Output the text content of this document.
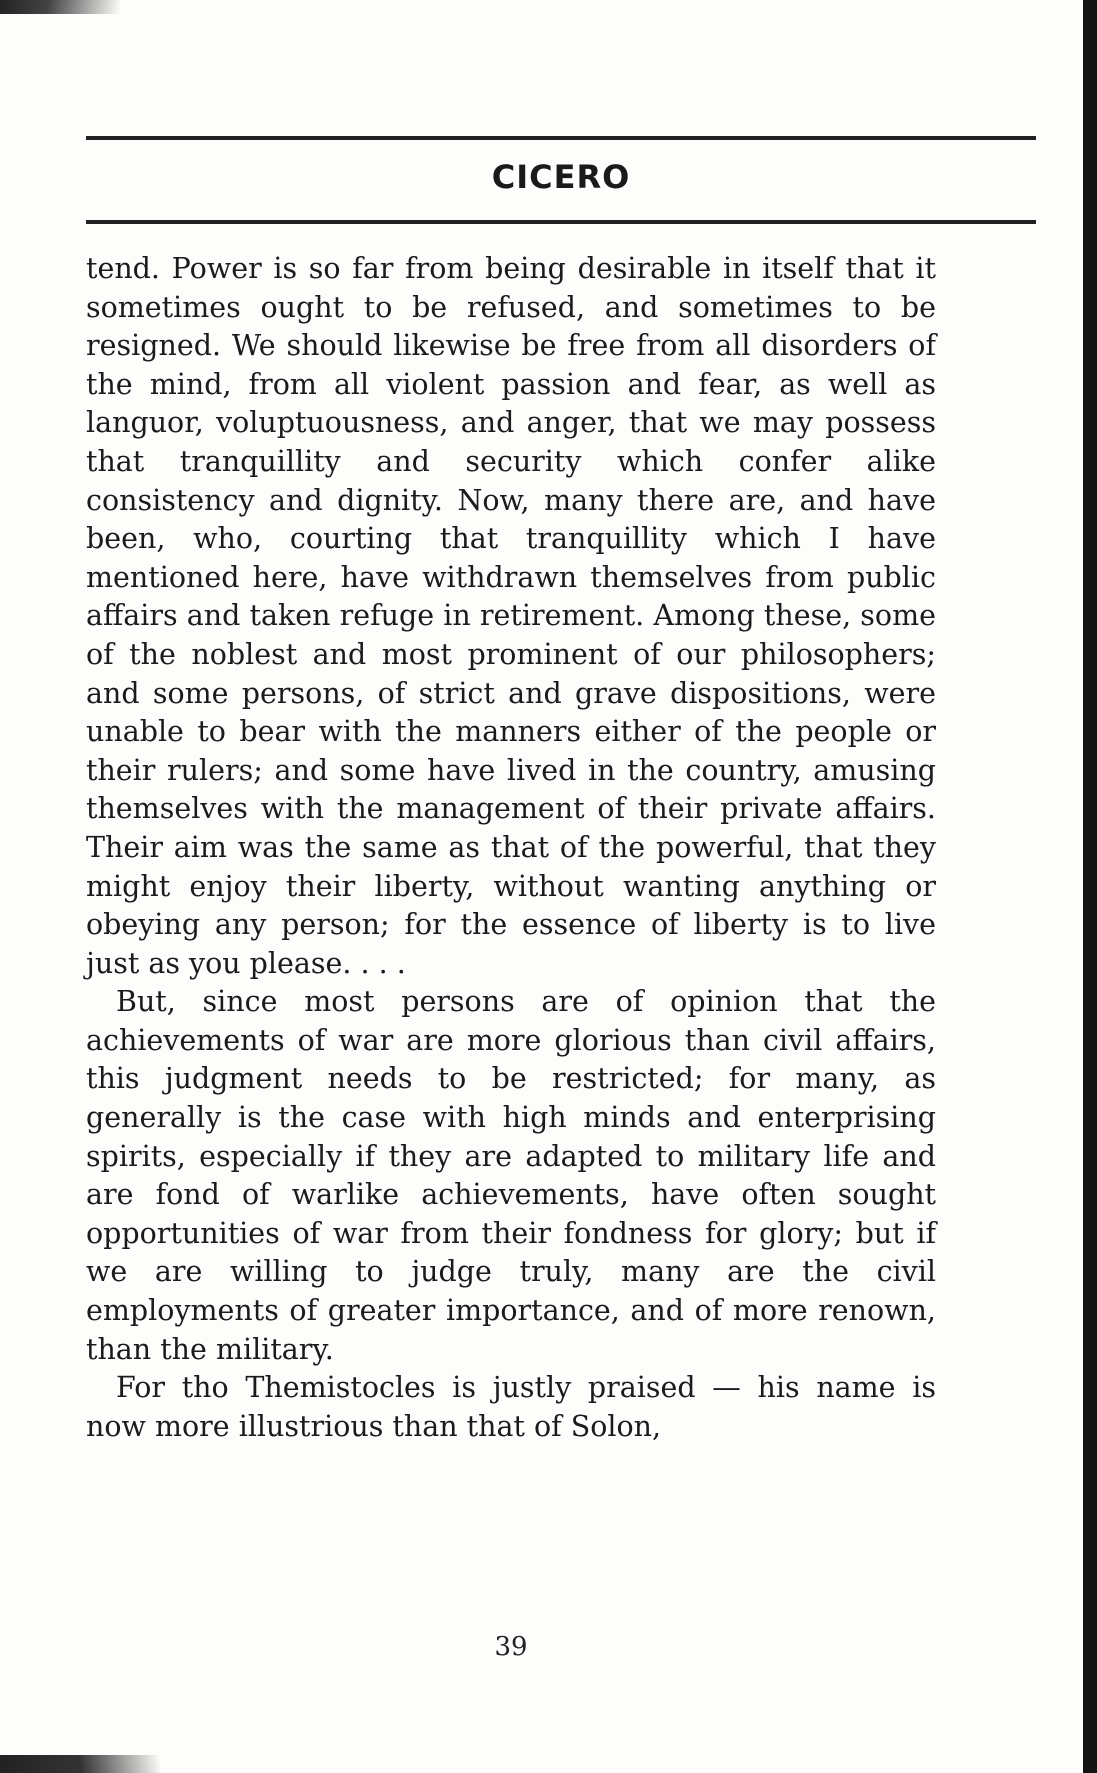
CICERO

tend. Power is so far from being desirable in itself that it sometimes ought to be refused, and sometimes to be resigned. We should likewise be free from all disorders of the mind, from all violent passion and fear, as well as languor, voluptuousness, and anger, that we may possess that tranquillity and security which confer alike consistency and dignity. Now, many there are, and have been, who, courting that tranquillity which I have mentioned here, have withdrawn themselves from public affairs and taken refuge in retirement. Among these, some of the noblest and most prominent of our philosophers; and some persons, of strict and grave dispositions, were unable to bear with the manners either of the people or their rulers; and some have lived in the country, amusing themselves with the management of their private affairs. Their aim was the same as that of the powerful, that they might enjoy their liberty, without wanting anything or obeying any person; for the essence of liberty is to live just as you please. . . .

But, since most persons are of opinion that the achievements of war are more glorious than civil affairs, this judgment needs to be restricted; for many, as generally is the case with high minds and enterprising spirits, especially if they are adapted to military life and are fond of warlike achievements, have often sought opportunities of war from their fondness for glory; but if we are willing to judge truly, many are the civil employments of greater importance, and of more renown, than the military.

For tho Themistocles is justly praised — his name is now more illustrious than that of Solon,

39
